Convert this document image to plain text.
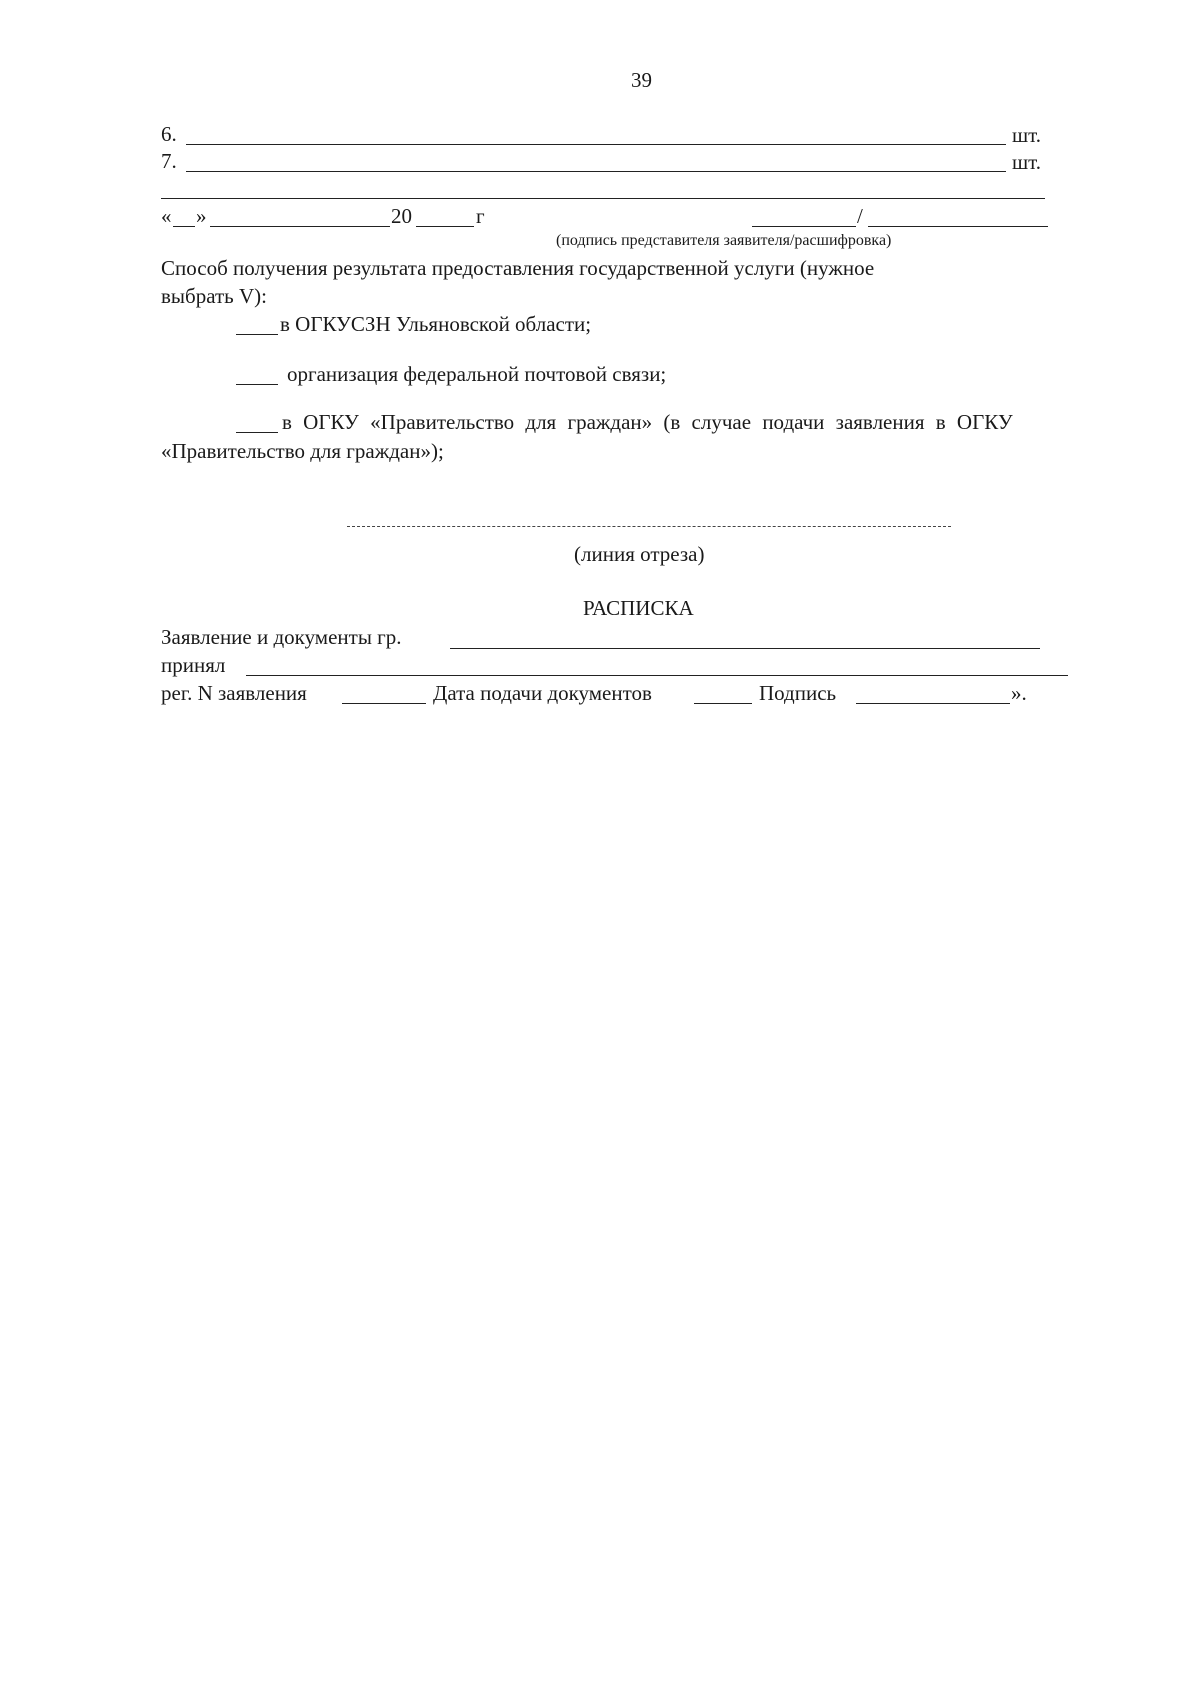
39
6.	шт.
7.	шт.
« »	20	г	/
(подпись представителя заявителя/расшифровка)
Способ получения результата предоставления государственной услуги (нужное
выбрать V):
в ОГКУСЗН Ульяновской области;
организация федеральной почтовой связи;
в ОГКУ «Правительство для граждан» (в случае подачи заявления в ОГКУ
«Правительство для граждан»);
(линия отреза)
РАСПИСКА
Заявление и документы гр.
принял
рег. N заявления	Дата подачи документов	Подпись	».
